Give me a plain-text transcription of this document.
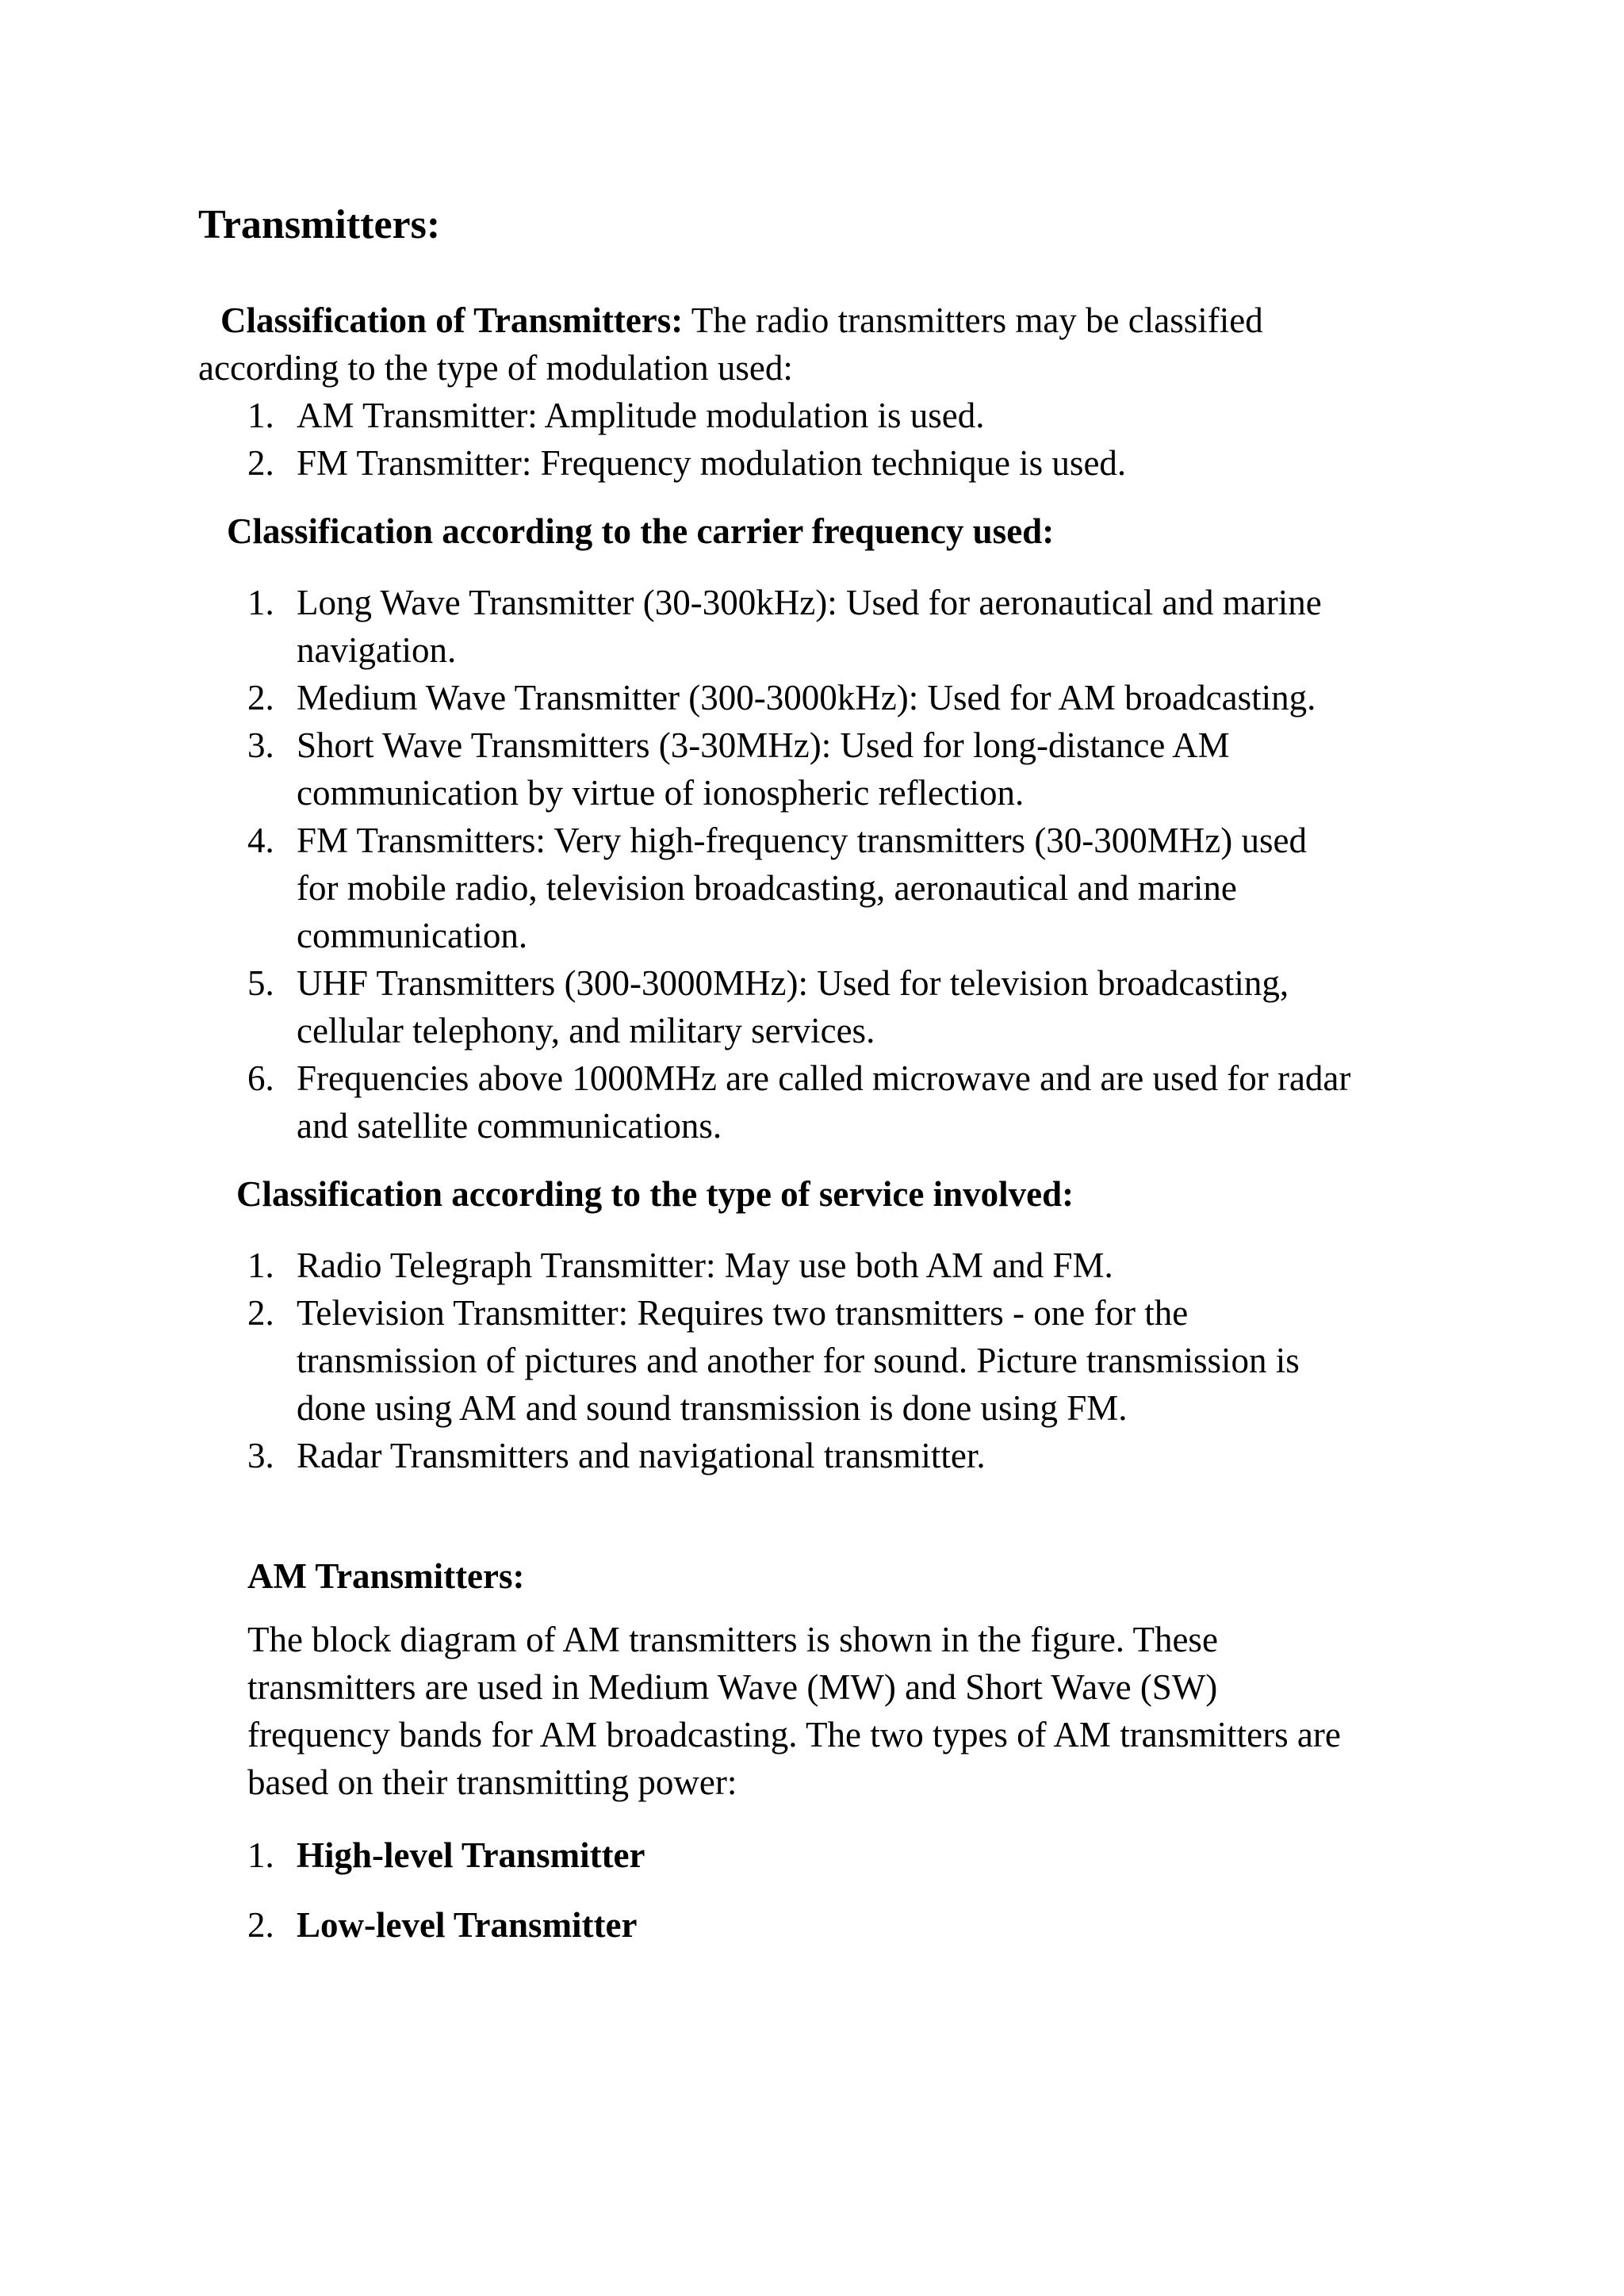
Transmitters:
Classification of Transmitters: The radio transmitters may be classified
according to the type of modulation used:
1. AM Transmitter: Amplitude modulation is used.
2. FM Transmitter: Frequency modulation technique is used.
Classification according to the carrier frequency used:
1. Long Wave Transmitter (30-300kHz): Used for aeronautical and marine
navigation.
2. Medium Wave Transmitter (300-3000kHz): Used for AM broadcasting.
3. Short Wave Transmitters (3-30MHz): Used for long-distance AM
communication by virtue of ionospheric reflection.
4. FM Transmitters: Very high-frequency transmitters (30-300MHz) used
for mobile radio, television broadcasting, aeronautical and marine
communication.
5. UHF Transmitters (300-3000MHz): Used for television broadcasting,
cellular telephony, and military services.
6. Frequencies above 1000MHz are called microwave and are used for radar
and satellite communications.
Classification according to the type of service involved:
1. Radio Telegraph Transmitter: May use both AM and FM.
2. Television Transmitter: Requires two transmitters - one for the
transmission of pictures and another for sound. Picture transmission is
done using AM and sound transmission is done using FM.
3. Radar Transmitters and navigational transmitter.
AM Transmitters:
The block diagram of AM transmitters is shown in the figure. These
transmitters are used in Medium Wave (MW) and Short Wave (SW)
frequency bands for AM broadcasting. The two types of AM transmitters are
based on their transmitting power:
1. High-level Transmitter
2. Low-level Transmitter
